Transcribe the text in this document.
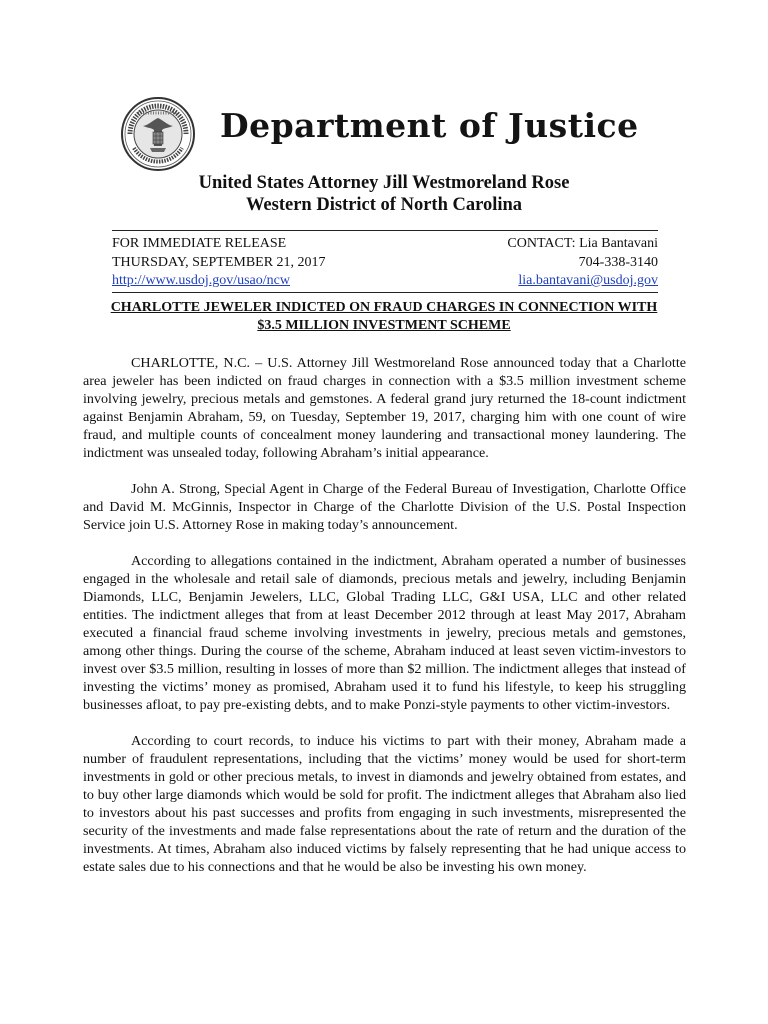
Department of Justice
United States Attorney Jill Westmoreland Rose
Western District of North Carolina
FOR IMMEDIATE RELEASE
THURSDAY, SEPTEMBER 21, 2017
http://www.usdoj.gov/usao/ncw
CONTACT: Lia Bantavani
704-338-3140
lia.bantavani@usdoj.gov
CHARLOTTE JEWELER INDICTED ON FRAUD CHARGES IN CONNECTION WITH
$3.5 MILLION INVESTMENT SCHEME

CHARLOTTE, N.C. – U.S. Attorney Jill Westmoreland Rose announced today that a Charlotte area jeweler has been indicted on fraud charges in connection with a $3.5 million investment scheme involving jewelry, precious metals and gemstones. A federal grand jury returned the 18-count indictment against Benjamin Abraham, 59, on Tuesday, September 19, 2017, charging him with one count of wire fraud, and multiple counts of concealment money laundering and transactional money laundering. The indictment was unsealed today, following Abraham’s initial appearance.

John A. Strong, Special Agent in Charge of the Federal Bureau of Investigation, Charlotte Office and David M. McGinnis, Inspector in Charge of the Charlotte Division of the U.S. Postal Inspection Service join U.S. Attorney Rose in making today’s announcement.

According to allegations contained in the indictment, Abraham operated a number of businesses engaged in the wholesale and retail sale of diamonds, precious metals and jewelry, including Benjamin Diamonds, LLC, Benjamin Jewelers, LLC, Global Trading LLC, G&I USA, LLC and other related entities. The indictment alleges that from at least December 2012 through at least May 2017, Abraham executed a financial fraud scheme involving investments in jewelry, precious metals and gemstones, among other things. During the course of the scheme, Abraham induced at least seven victim-investors to invest over $3.5 million, resulting in losses of more than $2 million. The indictment alleges that instead of investing the victims’ money as promised, Abraham used it to fund his lifestyle, to keep his struggling businesses afloat, to pay pre-existing debts, and to make Ponzi-style payments to other victim-investors.

According to court records, to induce his victims to part with their money, Abraham made a number of fraudulent representations, including that the victims’ money would be used for short-term investments in gold or other precious metals, to invest in diamonds and jewelry obtained from estates, and to buy other large diamonds which would be sold for profit. The indictment alleges that Abraham also lied to investors about his past successes and profits from engaging in such investments, misrepresented the security of the investments and made false representations about the rate of return and the duration of the investments. At times, Abraham also induced victims by falsely representing that he had unique access to estate sales due to his connections and that he would be also be investing his own money.
